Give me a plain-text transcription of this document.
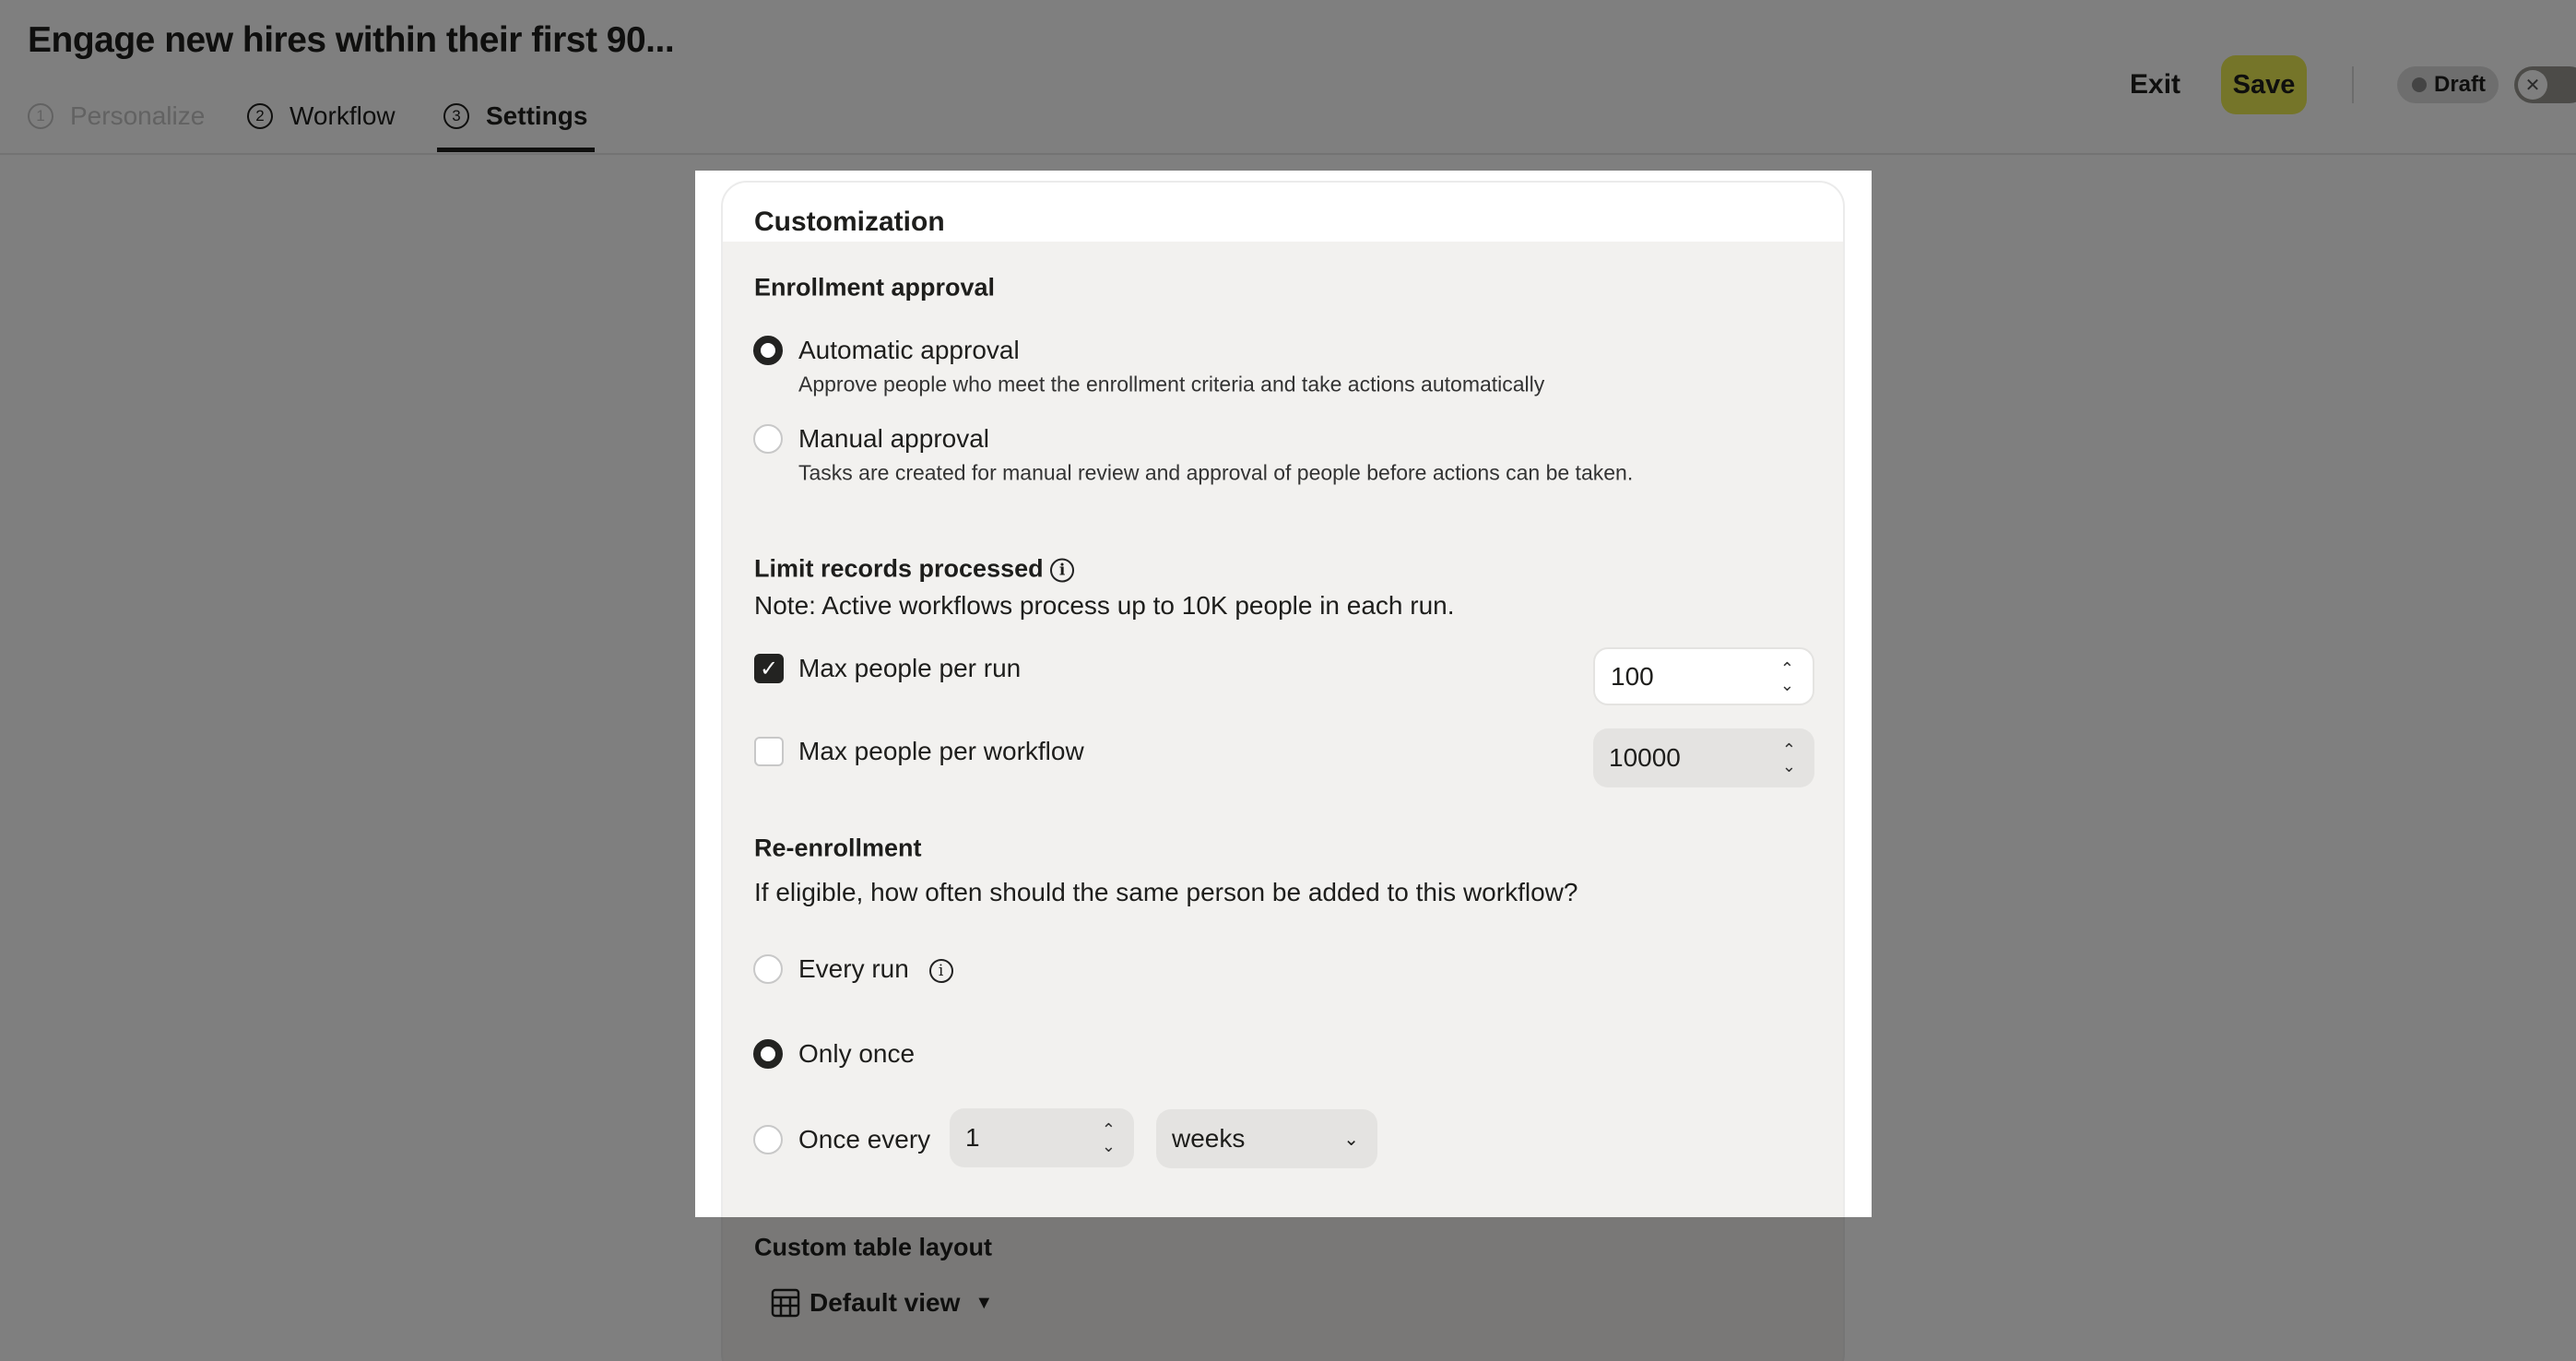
Engage new hires within their first 90...
1 Personalize	2 Workflow	3 Settings
Exit	Save	Draft	✕
Customization
Enrollment approval
Automatic approval
Approve people who meet the enrollment criteria and take actions automatically
Manual approval
Tasks are created for manual review and approval of people before actions can be taken.
Limit records processed i
Note: Active workflows process up to 10K people in each run.
✓ Max people per run	100	⌃
⌄
Max people per workflow	10000	⌃
⌄
Re-enrollment
If eligible, how often should the same person be added to this workflow?
Every run i
Only once
Once every 1	⌃
⌄ weeks	⌄
Custom table layout
Default view ▼
